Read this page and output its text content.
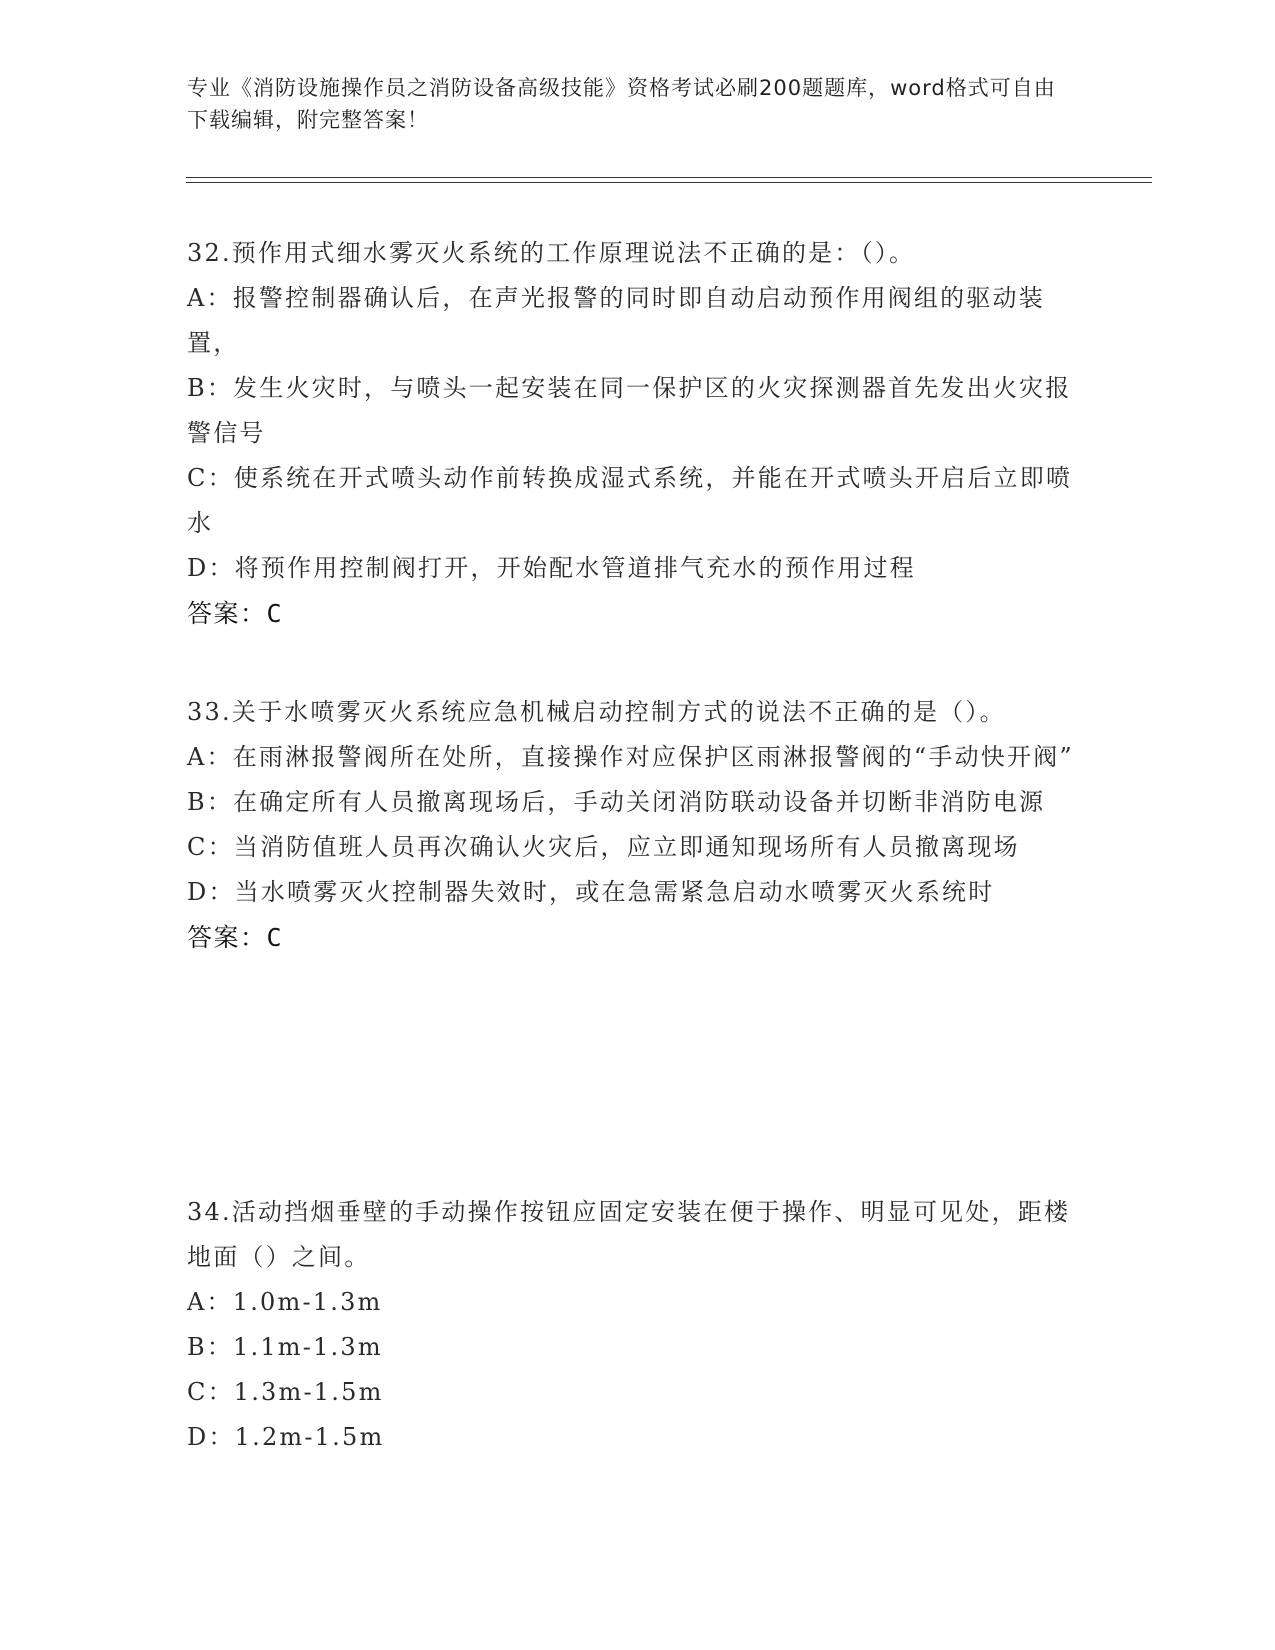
专业《消防设施操作员之消防设备高级技能》资格考试必刷200题题库，word格式可自由下载编辑，附完整答案！

32.预作用式细水雾灭火系统的工作原理说法不正确的是：（）。

A：报警控制器确认后，在声光报警的同时即自动启动预作用阀组的驱动装置，

B：发生火灾时，与喷头一起安装在同一保护区的火灾探测器首先发出火灾报警信号

C：使系统在开式喷头动作前转换成湿式系统，并能在开式喷头开启后立即喷水

D：将预作用控制阀打开，开始配水管道排气充水的预作用过程

答案：C

33.关于水喷雾灭火系统应急机械启动控制方式的说法不正确的是（）。

A：在雨淋报警阀所在处所，直接操作对应保护区雨淋报警阀的“手动快开阀”

B：在确定所有人员撤离现场后，手动关闭消防联动设备并切断非消防电源

C：当消防值班人员再次确认火灾后，应立即通知现场所有人员撤离现场

D：当水喷雾灭火控制器失效时，或在急需紧急启动水喷雾灭火系统时

答案：C

34.活动挡烟垂壁的手动操作按钮应固定安装在便于操作、明显可见处，距楼地面（）之间。

A：1.0m-1.3m

B：1.1m-1.3m

C：1.3m-1.5m

D：1.2m-1.5m
